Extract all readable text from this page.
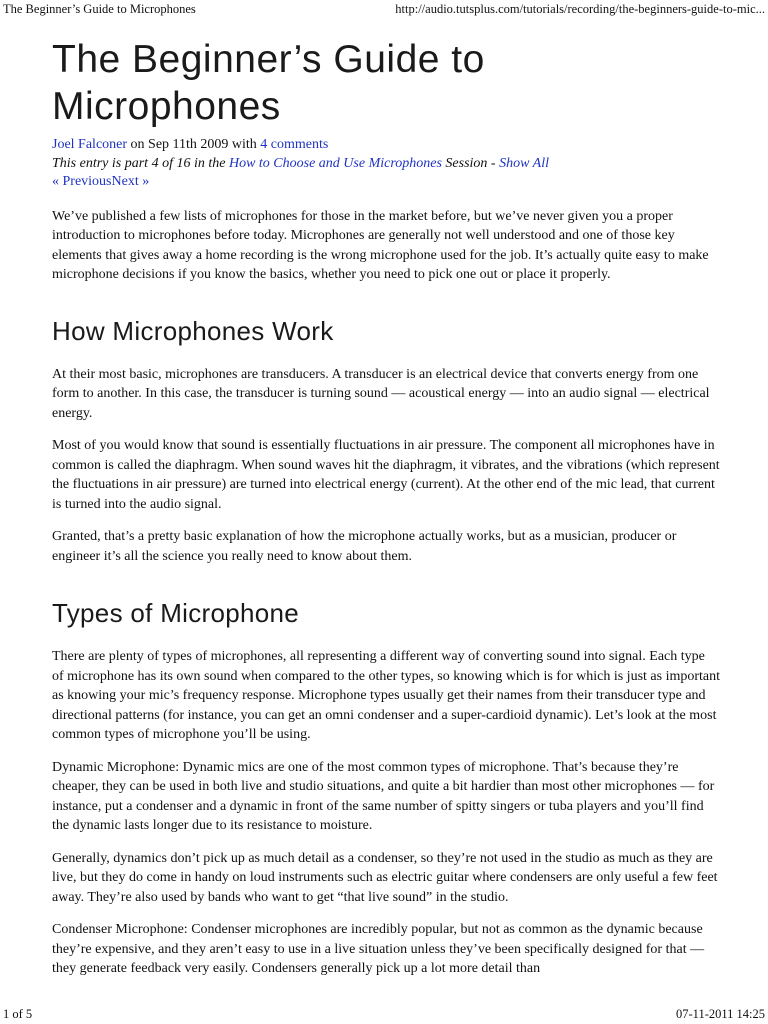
The Beginner’s Guide to Microphones	http://audio.tutsplus.com/tutorials/recording/the-beginners-guide-to-mic...
The Beginner’s Guide to Microphones
Joel Falconer on Sep 11th 2009 with 4 comments
This entry is part 4 of 16 in the How to Choose and Use Microphones Session - Show All
« PreviousNext »

We’ve published a few lists of microphones for those in the market before, but we’ve never given you a proper introduction to microphones before today. Microphones are generally not well understood and one of those key elements that gives away a home recording is the wrong microphone used for the job. It’s actually quite easy to make microphone decisions if you know the basics, whether you need to pick one out or place it properly.

How Microphones Work

At their most basic, microphones are transducers. A transducer is an electrical device that converts energy from one form to another. In this case, the transducer is turning sound — acoustical energy — into an audio signal — electrical energy.

Most of you would know that sound is essentially fluctuations in air pressure. The component all microphones have in common is called the diaphragm. When sound waves hit the diaphragm, it vibrates, and the vibrations (which represent the fluctuations in air pressure) are turned into electrical energy (current). At the other end of the mic lead, that current is turned into the audio signal.

Granted, that’s a pretty basic explanation of how the microphone actually works, but as a musician, producer or engineer it’s all the science you really need to know about them.

Types of Microphone

There are plenty of types of microphones, all representing a different way of converting sound into signal. Each type of microphone has its own sound when compared to the other types, so knowing which is for which is just as important as knowing your mic’s frequency response. Microphone types usually get their names from their transducer type and directional patterns (for instance, you can get an omni condenser and a super-cardioid dynamic). Let’s look at the most common types of microphone you’ll be using.

Dynamic Microphone: Dynamic mics are one of the most common types of microphone. That’s because they’re cheaper, they can be used in both live and studio situations, and quite a bit hardier than most other microphones — for instance, put a condenser and a dynamic in front of the same number of spitty singers or tuba players and you’ll find the dynamic lasts longer due to its resistance to moisture.

Generally, dynamics don’t pick up as much detail as a condenser, so they’re not used in the studio as much as they are live, but they do come in handy on loud instruments such as electric guitar where condensers are only useful a few feet away. They’re also used by bands who want to get “that live sound” in the studio.

Condenser Microphone: Condenser microphones are incredibly popular, but not as common as the dynamic because they’re expensive, and they aren’t easy to use in a live situation unless they’ve been specifically designed for that — they generate feedback very easily. Condensers generally pick up a lot more detail than

1 of 5	07-11-2011 14:25
